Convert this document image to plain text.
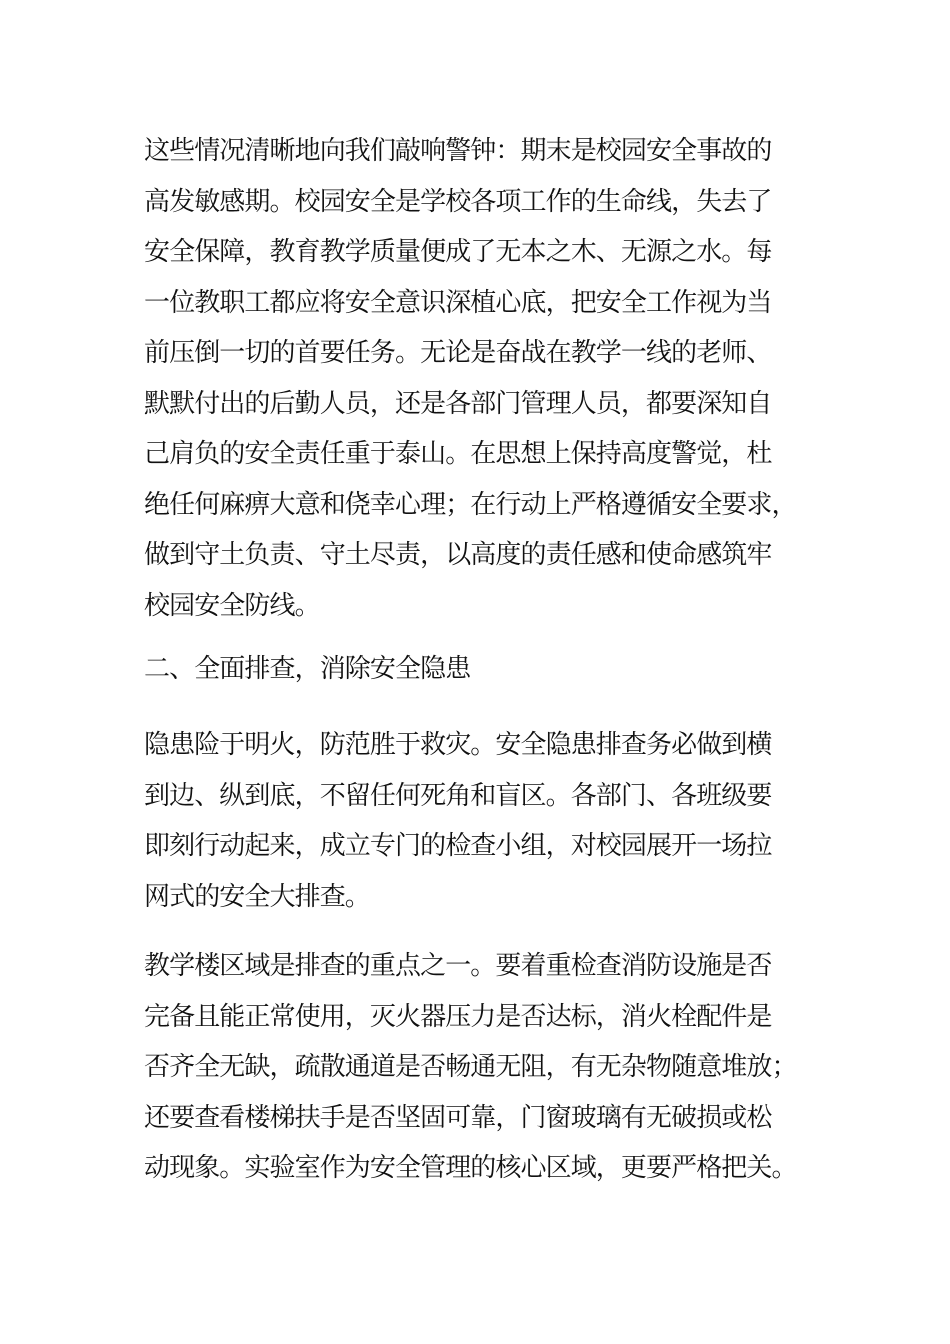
这些情况清晰地向我们敲响警钟：期末是校园安全事故的
高发敏感期。校园安全是学校各项工作的生命线，失去了
安全保障，教育教学质量便成了无本之木、无源之水。每
一位教职工都应将安全意识深植心底，把安全工作视为当
前压倒一切的首要任务。无论是奋战在教学一线的老师、
默默付出的后勤人员，还是各部门管理人员，都要深知自
己肩负的安全责任重于泰山。在思想上保持高度警觉，杜
绝任何麻痹大意和侥幸心理；在行动上严格遵循安全要求，
做到守土负责、守土尽责，以高度的责任感和使命感筑牢
校园安全防线。
二、全面排查，消除安全隐患
隐患险于明火，防范胜于救灾。安全隐患排查务必做到横
到边、纵到底，不留任何死角和盲区。各部门、各班级要
即刻行动起来，成立专门的检查小组，对校园展开一场拉
网式的安全大排查。
教学楼区域是排查的重点之一。要着重检查消防设施是否
完备且能正常使用，灭火器压力是否达标，消火栓配件是
否齐全无缺，疏散通道是否畅通无阻，有无杂物随意堆放；
还要查看楼梯扶手是否坚固可靠，门窗玻璃有无破损或松
动现象。实验室作为安全管理的核心区域，更要严格把关。
